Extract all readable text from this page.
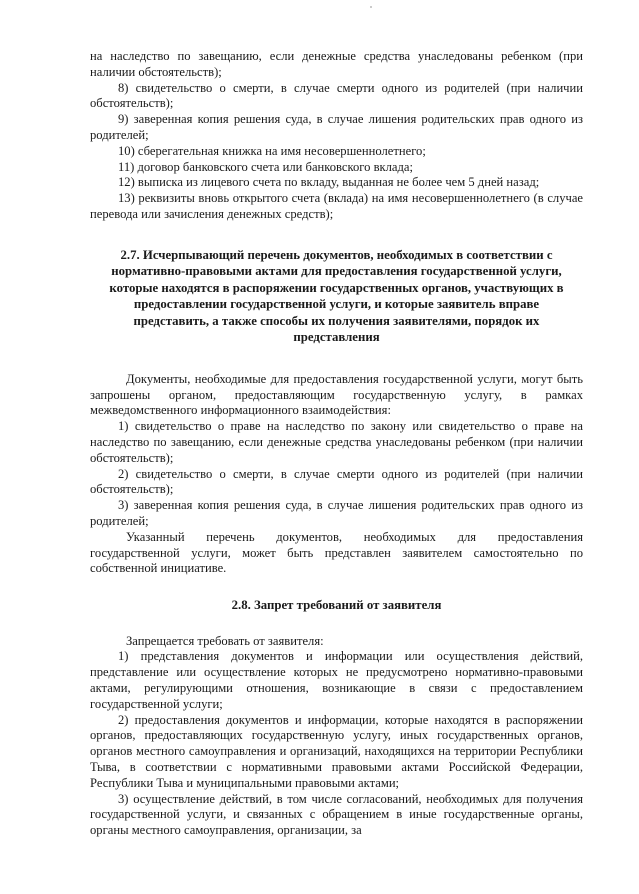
на наследство по завещанию, если денежные средства унаследованы ребенком (при наличии обстоятельств);

8) свидетельство о смерти, в случае смерти одного из родителей (при наличии обстоятельств);

9) заверенная копия решения суда, в случае лишения родительских прав одного из родителей;

10) сберегательная книжка на имя несовершеннолетнего;

11) договор банковского счета или банковского вклада;

12) выписка из лицевого счета по вкладу, выданная не более чем 5 дней назад;

13) реквизиты вновь открытого счета (вклада) на имя несовершеннолетнего (в случае перевода или зачисления денежных средств);

2.7. Исчерпывающий перечень документов, необходимых в соответствии с нормативно-правовыми актами для предоставления государственной услуги, которые находятся в распоряжении государственных органов, участвующих в предоставлении государственной услуги, и которые заявитель вправе представить, а также способы их получения заявителями, порядок их представления

Документы, необходимые для предоставления государственной услуги, могут быть запрошены органом, предоставляющим государственную услугу, в рамках межведомственного информационного взаимодействия:

1) свидетельство о праве на наследство по закону или свидетельство о праве на наследство по завещанию, если денежные средства унаследованы ребенком (при наличии обстоятельств);

2) свидетельство о смерти, в случае смерти одного из родителей (при наличии обстоятельств);

3) заверенная копия решения суда, в случае лишения родительских прав одного из родителей;

Указанный перечень документов, необходимых для предоставления государственной услуги, может быть представлен заявителем самостоятельно по собственной инициативе.

2.8. Запрет требований от заявителя

Запрещается требовать от заявителя:

1) представления документов и информации или осуществления действий, представление или осуществление которых не предусмотрено нормативно-правовыми актами, регулирующими отношения, возникающие в связи с предоставлением государственной услуги;

2) предоставления документов и информации, которые находятся в распоряжении органов, предоставляющих государственную услугу, иных государственных органов, органов местного самоуправления и организаций, находящихся на территории Республики Тыва, в соответствии с нормативными правовыми актами Российской Федерации, Республики Тыва и муниципальными правовыми актами;

3) осуществление действий, в том числе согласований, необходимых для получения государственной услуги, и связанных с обращением в иные государственные органы, органы местного самоуправления, организации, за
